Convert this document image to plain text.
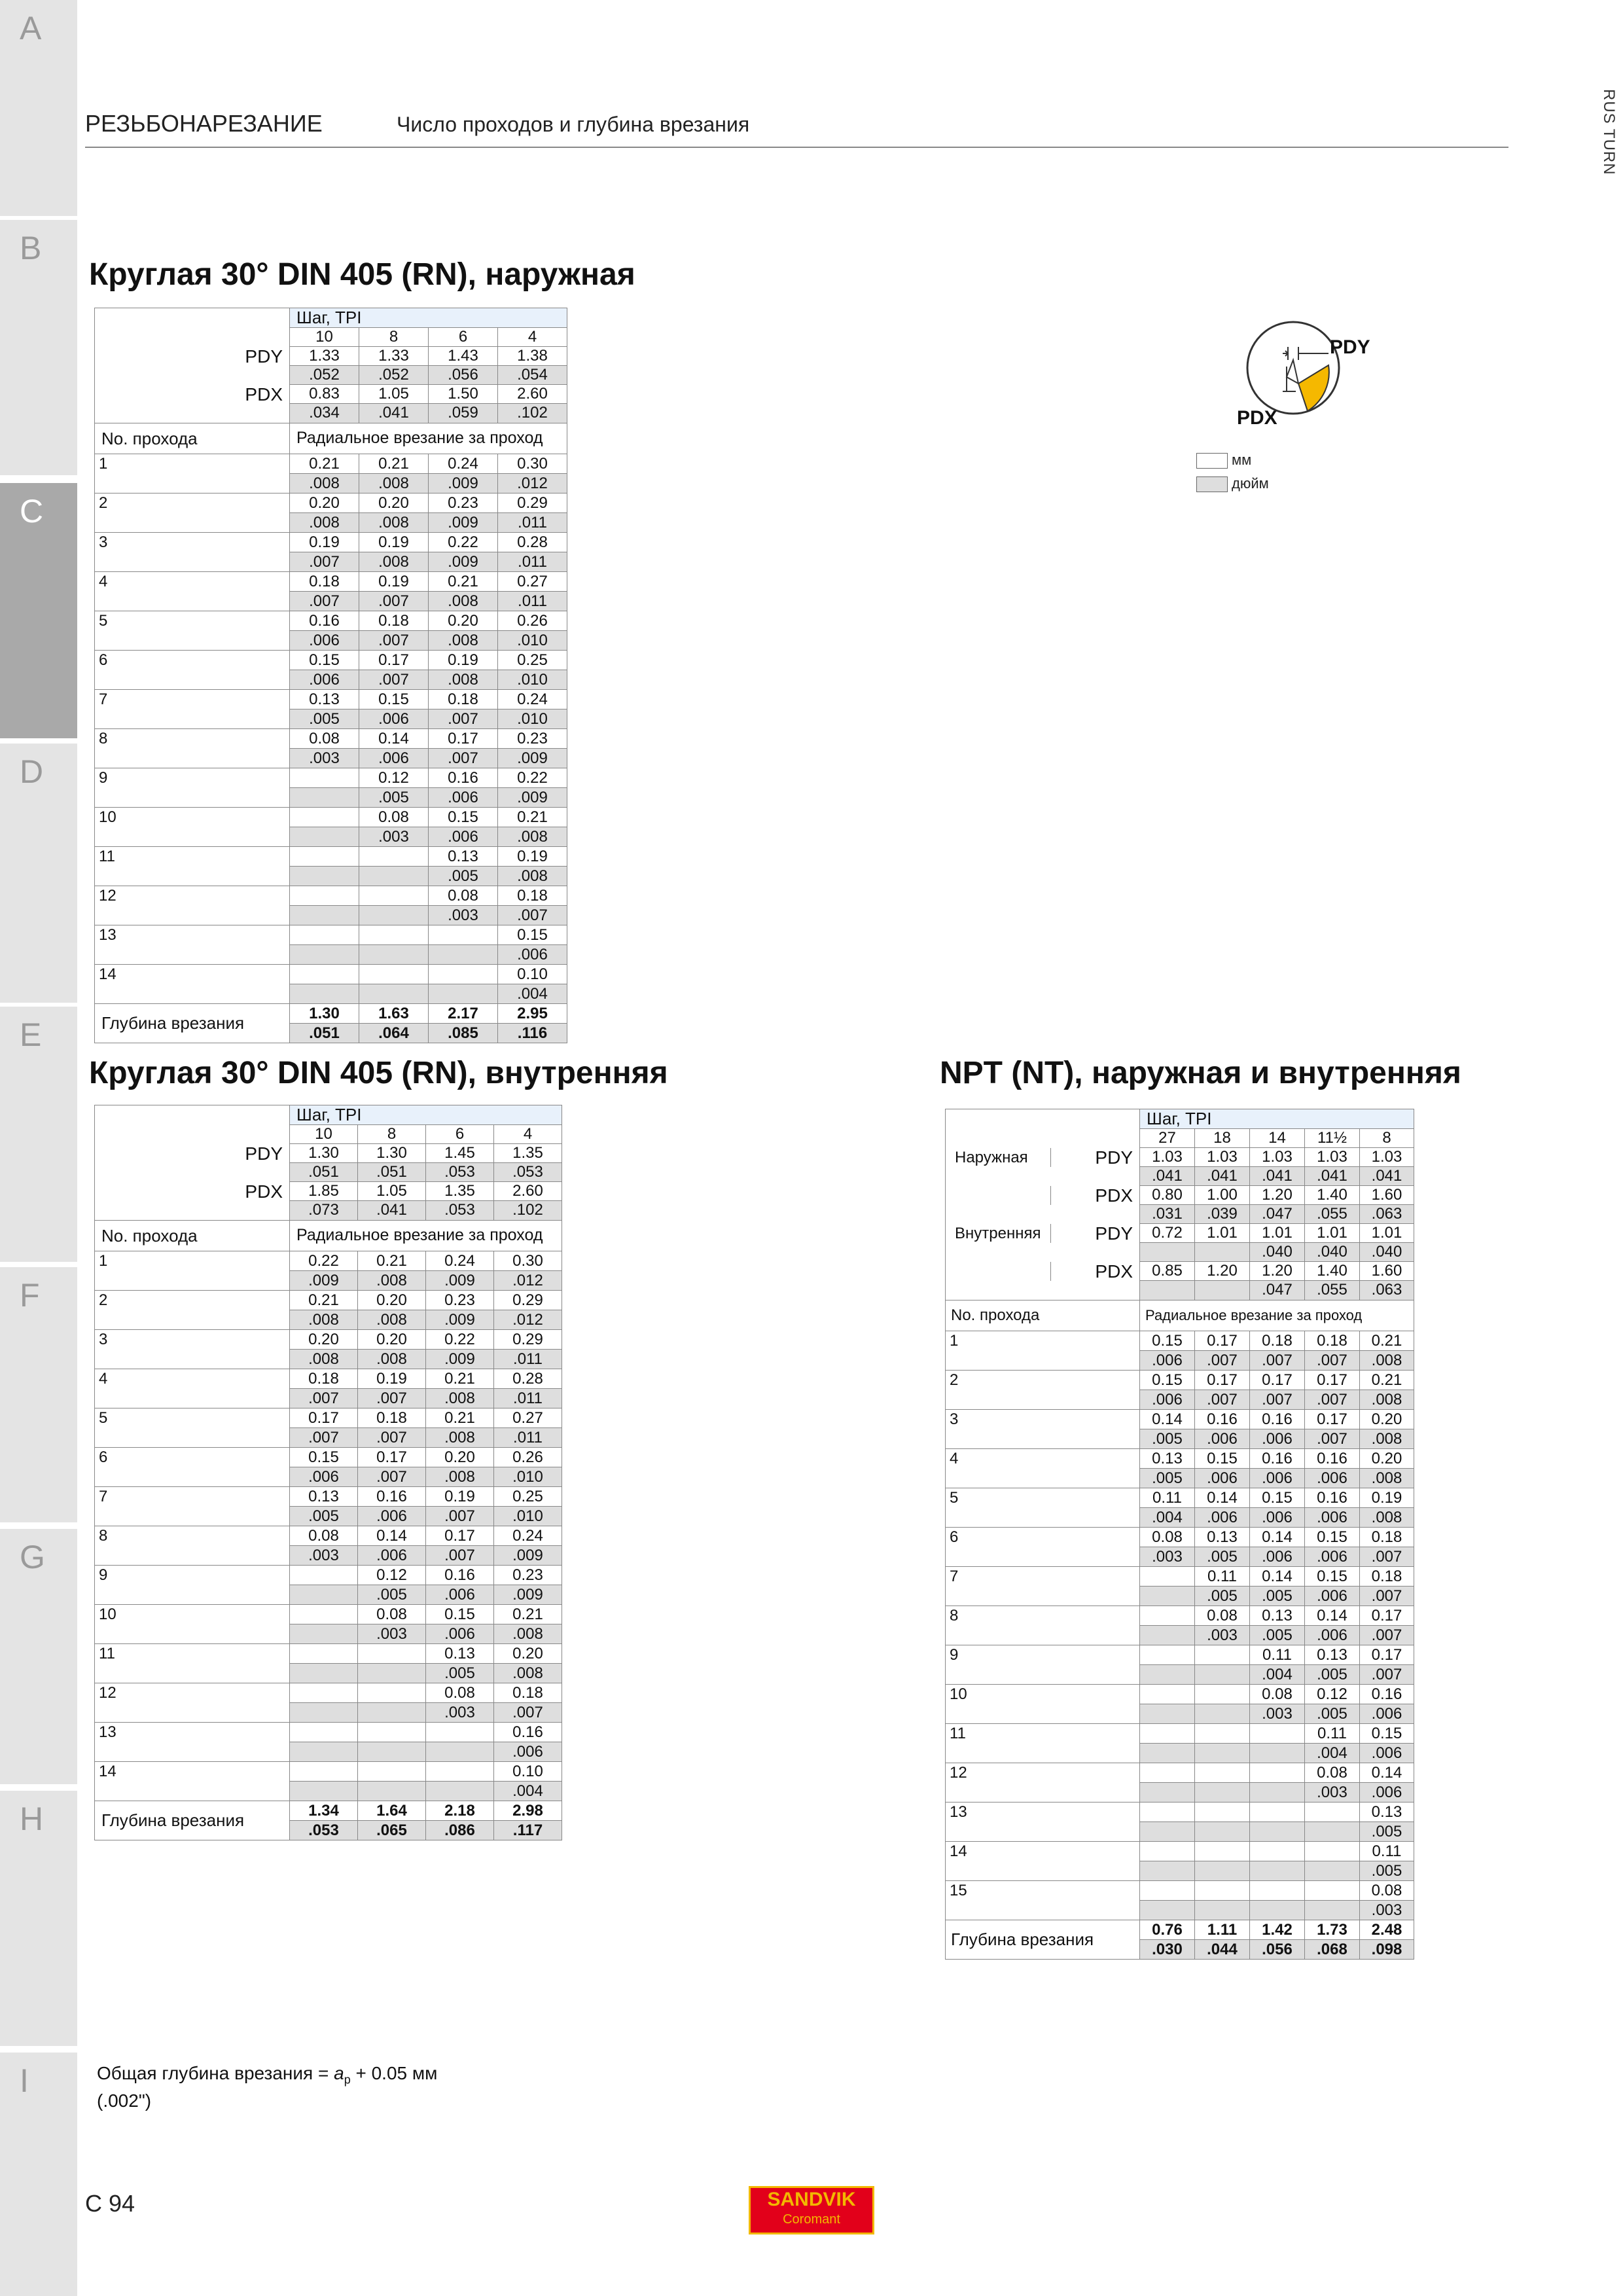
A
B
C
D
E
F
G
H
I
РЕЗЬБОНАРЕЗАНИЕ	Число проходов и глубина врезания	RUS TURN
Круглая 30° DIN 405 (RN), наружная
Круглая 30° DIN 405 (RN), внутренняя	NPT (NT), наружная и внутренняя
PDY
PDX
мм
дюйм
	Шаг, TPI			
	10	8	6	4
PDY	1.33	1.33	1.43	1.38
	.052	.052	.056	.054
PDX	0.83	1.05	1.50	2.60
	.034	.041	.059	.102
No. прохода	Радиальное врезание за проход			
1	0.21	0.21	0.24	0.30
	.008	.008	.009	.012
2	0.20	0.20	0.23	0.29
	.008	.008	.009	.011
3	0.19	0.19	0.22	0.28
	.007	.008	.009	.011
4	0.18	0.19	0.21	0.27
	.007	.007	.008	.011
5	0.16	0.18	0.20	0.26
	.006	.007	.008	.010
6	0.15	0.17	0.19	0.25
	.006	.007	.008	.010
7	0.13	0.15	0.18	0.24
	.005	.006	.007	.010
8	0.08	0.14	0.17	0.23
	.003	.006	.007	.009
9		0.12	0.16	0.22
		.005	.006	.009
10		0.08	0.15	0.21
		.003	.006	.008
11			0.13	0.19
			.005	.008
12			0.08	0.18
			.003	.007
13				0.15
				.006
14				0.10
				.004
Глубина врезания	1.30	1.63	2.17	2.95
	.051	.064	.085	.116
	Шаг, TPI			
	10	8	6	4
PDY	1.30	1.30	1.45	1.35
	.051	.051	.053	.053
PDX	1.85	1.05	1.35	2.60
	.073	.041	.053	.102
No. прохода	Радиальное врезание за проход			
1	0.22	0.21	0.24	0.30
	.009	.008	.009	.012
2	0.21	0.20	0.23	0.29
	.008	.008	.009	.012
3	0.20	0.20	0.22	0.29
	.008	.008	.009	.011
4	0.18	0.19	0.21	0.28
	.007	.007	.008	.011
5	0.17	0.18	0.21	0.27
	.007	.007	.008	.011
6	0.15	0.17	0.20	0.26
	.006	.007	.008	.010
7	0.13	0.16	0.19	0.25
	.005	.006	.007	.010
8	0.08	0.14	0.17	0.24
	.003	.006	.007	.009
9		0.12	0.16	0.23
		.005	.006	.009
10		0.08	0.15	0.21
		.003	.006	.008
11			0.13	0.20
			.005	.008
12			0.08	0.18
			.003	.007
13				0.16
				.006
14				0.10
				.004
Глубина врезания	1.34	1.64	2.18	2.98
	.053	.065	.086	.117
		Шаг, TPI				
		27	18	14	11½	8
Наружная	PDY	1.03	1.03	1.03	1.03	1.03
		.041	.041	.041	.041	.041
	PDX	0.80	1.00	1.20	1.40	1.60
		.031	.039	.047	.055	.063
Внутренняя	PDY	0.72	1.01	1.01	1.01	1.01
				.040	.040	.040
	PDX	0.85	1.20	1.20	1.40	1.60
				.047	.055	.063
No. прохода		Радиальное врезание за проход				
1		0.15	0.17	0.18	0.18	0.21
		.006	.007	.007	.007	.008
2		0.15	0.17	0.17	0.17	0.21
		.006	.007	.007	.007	.008
3		0.14	0.16	0.16	0.17	0.20
		.005	.006	.006	.007	.008
4		0.13	0.15	0.16	0.16	0.20
		.005	.006	.006	.006	.008
5		0.11	0.14	0.15	0.16	0.19
		.004	.006	.006	.006	.008
6		0.08	0.13	0.14	0.15	0.18
		.003	.005	.006	.006	.007
7			0.11	0.14	0.15	0.18
			.005	.005	.006	.007
8			0.08	0.13	0.14	0.17
			.003	.005	.006	.007
9				0.11	0.13	0.17
				.004	.005	.007
10				0.08	0.12	0.16
				.003	.005	.006
11					0.11	0.15
					.004	.006
12					0.08	0.14
					.003	.006
13						0.13
						.005
14						0.11
						.005
15						0.08
						.003
Глубина врезания		0.76	1.11	1.42	1.73	2.48
		.030	.044	.056	.068	.098
Общая глубина врезания = $a_p + 0.05$ мм
(.002")
C 94	SANDVIK
Coromant
